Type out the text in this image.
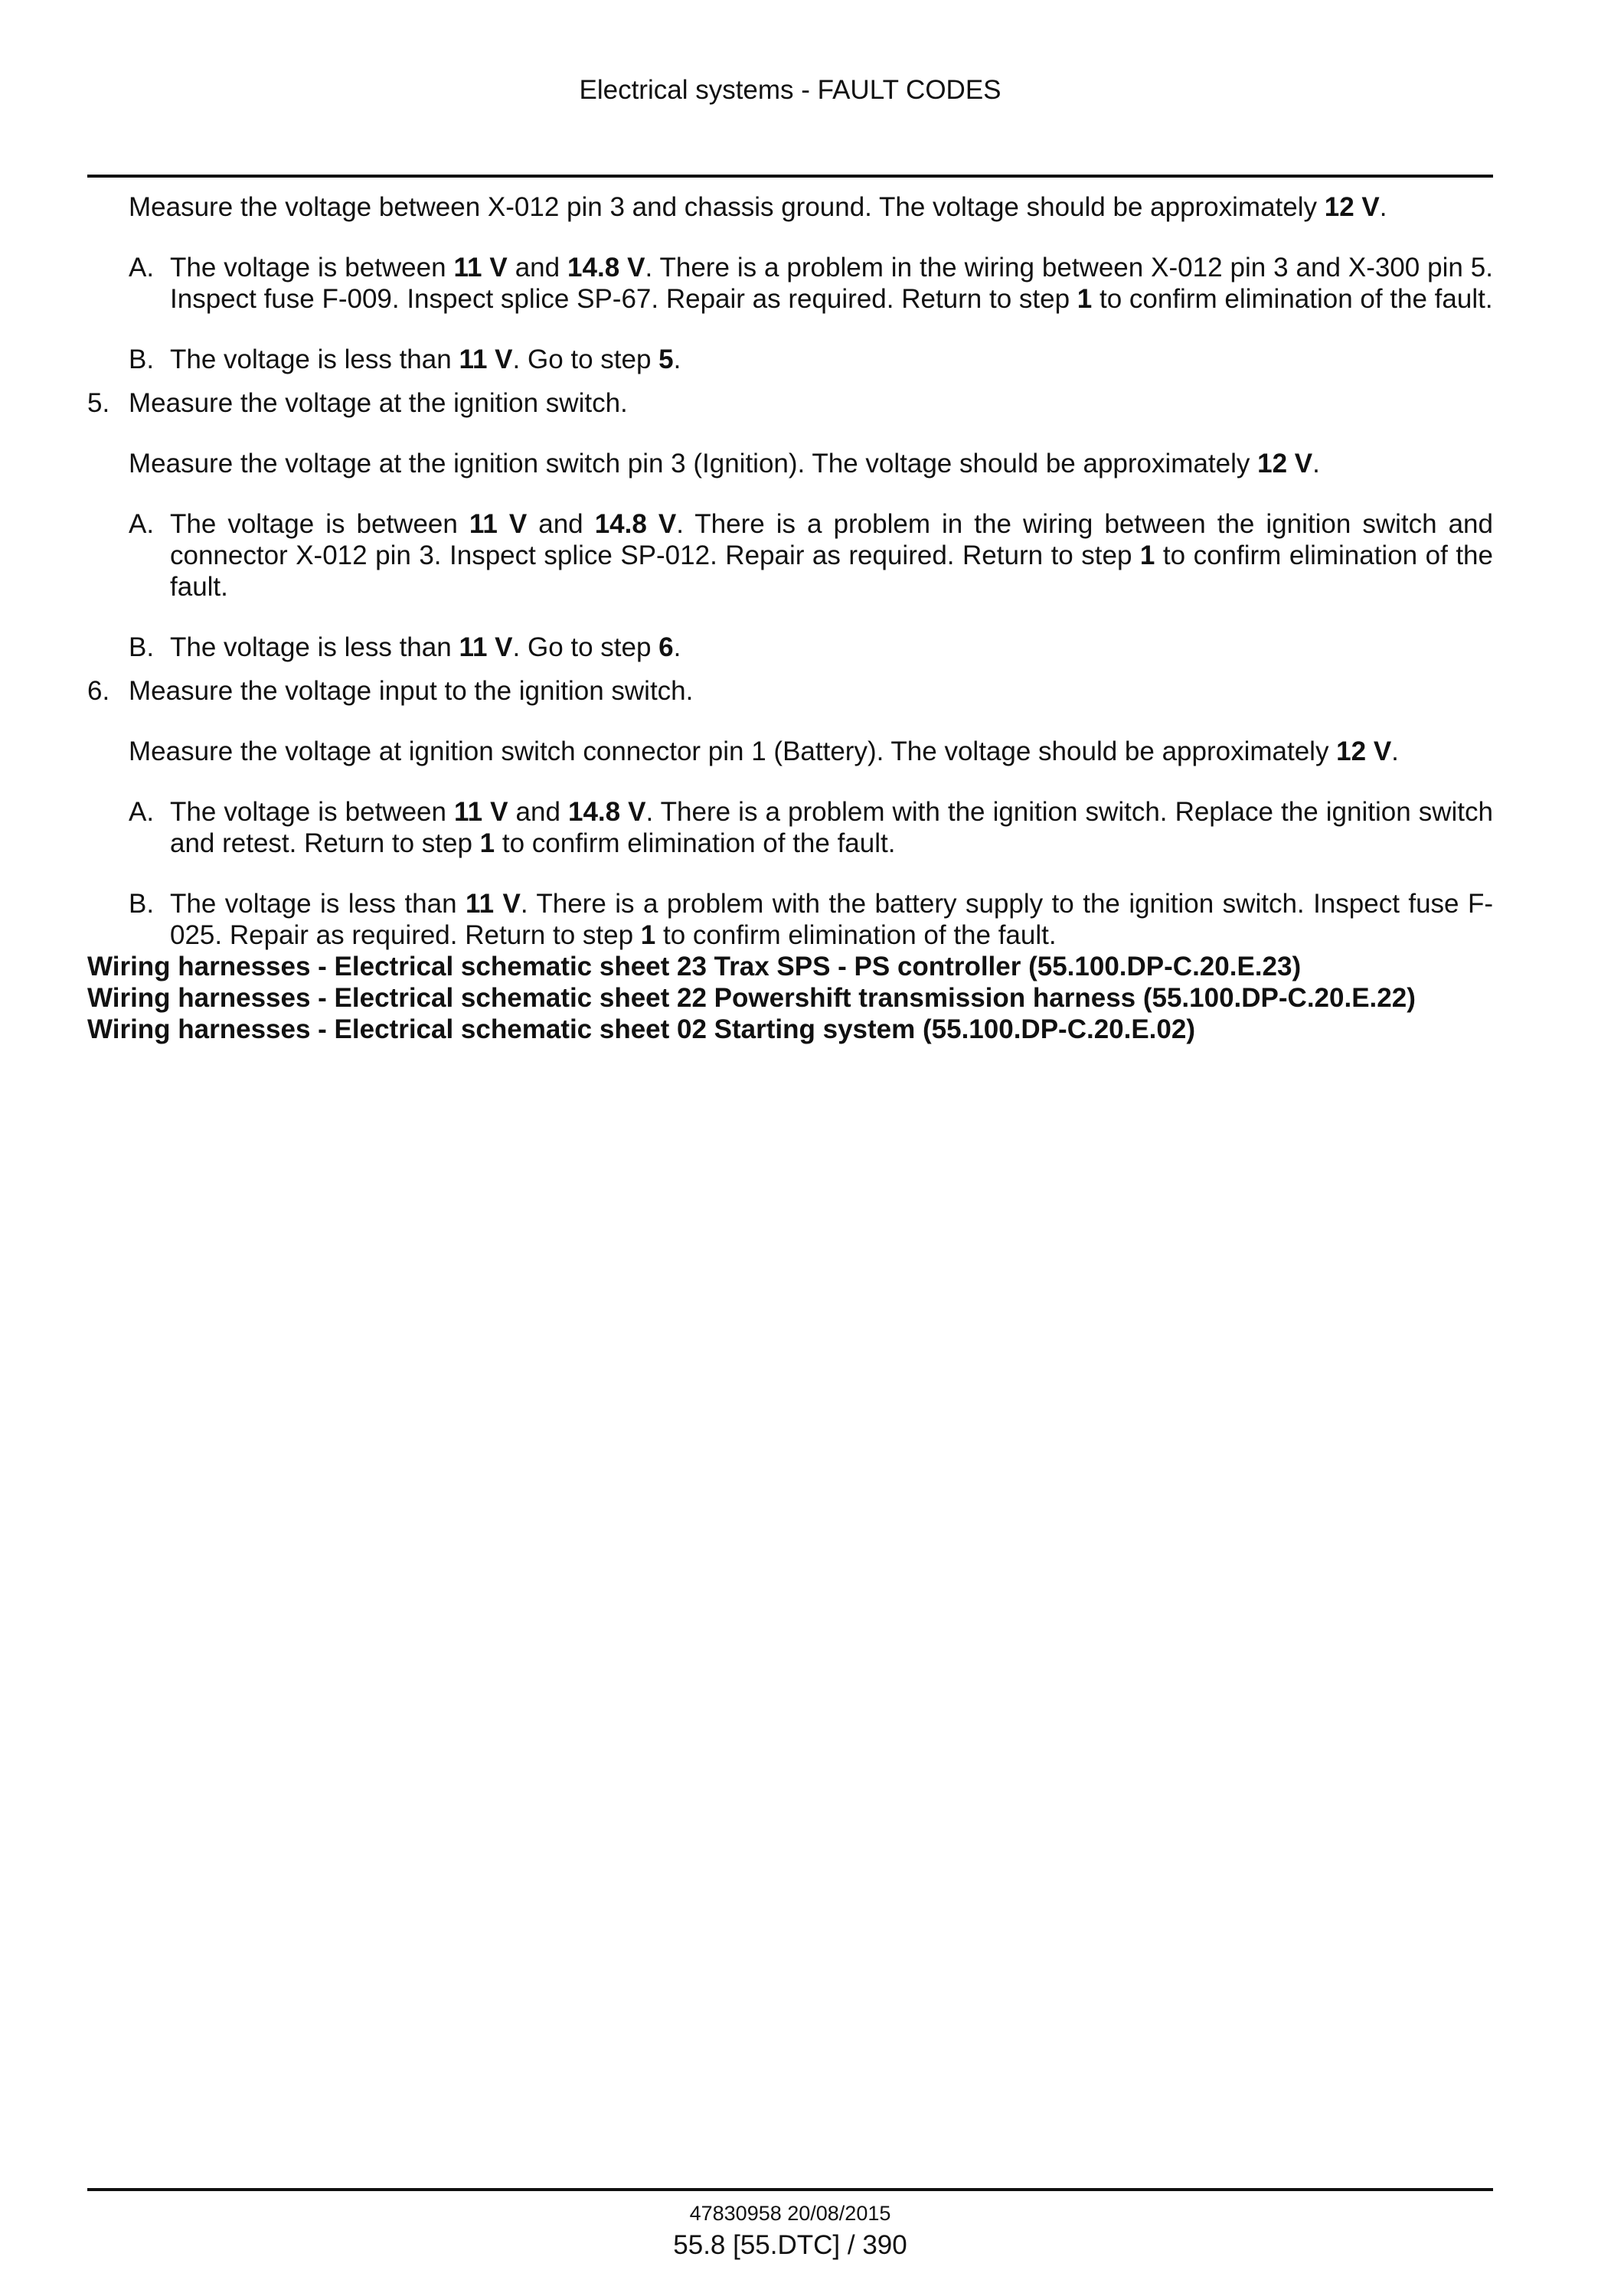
Electrical systems - FAULT CODES

Measure the voltage between X-012 pin 3 and chassis ground. The voltage should be approximately 12 V.

A. The voltage is between 11 V and 14.8 V. There is a problem in the wiring between X-012 pin 3 and X-300 pin 5. Inspect fuse F-009. Inspect splice SP-67. Repair as required. Return to step 1 to confirm elimination of the fault.
B. The voltage is less than 11 V. Go to step 5.
5. Measure the voltage at the ignition switch.

Measure the voltage at the ignition switch pin 3 (Ignition). The voltage should be approximately 12 V.

A. The voltage is between 11 V and 14.8 V. There is a problem in the wiring between the ignition switch and connector X-012 pin 3. Inspect splice SP-012. Repair as required. Return to step 1 to confirm elimination of the fault.
B. The voltage is less than 11 V. Go to step 6.
6. Measure the voltage input to the ignition switch.

Measure the voltage at ignition switch connector pin 1 (Battery). The voltage should be approximately 12 V.

A. The voltage is between 11 V and 14.8 V. There is a problem with the ignition switch. Replace the ignition switch and retest. Return to step 1 to confirm elimination of the fault.
B. The voltage is less than 11 V. There is a problem with the battery supply to the ignition switch. Inspect fuse F-025. Repair as required. Return to step 1 to confirm elimination of the fault.
Wiring harnesses - Electrical schematic sheet 23 Trax SPS - PS controller (55.100.DP-C.20.E.23)
Wiring harnesses - Electrical schematic sheet 22 Powershift transmission harness (55.100.DP-C.20.E.22)
Wiring harnesses - Electrical schematic sheet 02 Starting system (55.100.DP-C.20.E.02)
47830958 20/08/2015
55.8 [55.DTC] / 390
